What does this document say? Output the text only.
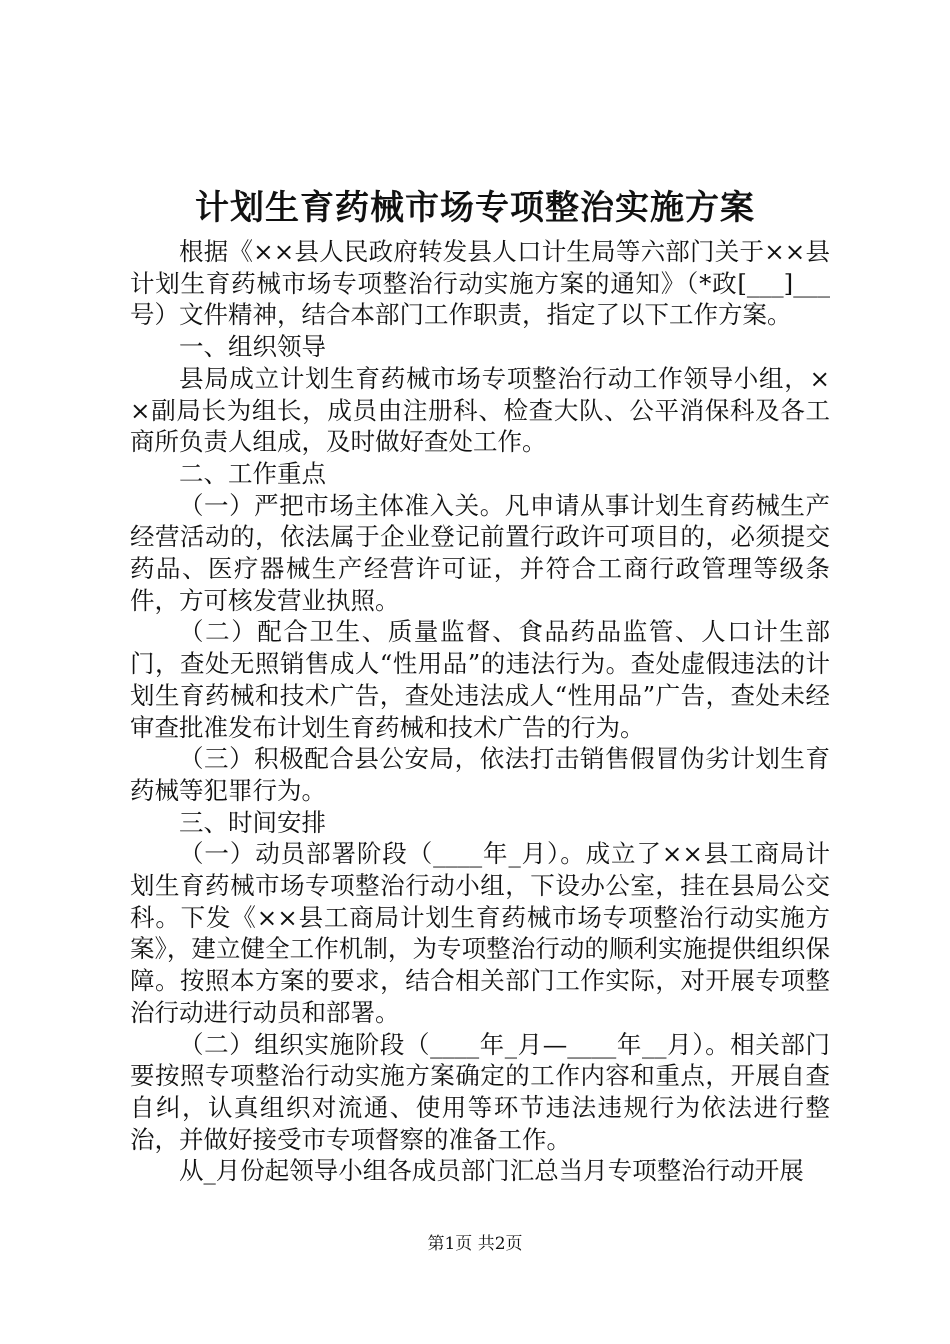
计划生育药械市场专项整治实施方案

根据《××县人民政府转发县人口计生局等六部门关于××县计划生育药械市场专项整治行动实施方案的通知》（*政[___]___号）文件精神，结合本部门工作职责，指定了以下工作方案。

一、组织领导

县局成立计划生育药械市场专项整治行动工作领导小组，××副局长为组长，成员由注册科、检查大队、公平消保科及各工商所负责人组成，及时做好查处工作。

二、工作重点

（一）严把市场主体准入关。凡申请从事计划生育药械生产经营活动的，依法属于企业登记前置行政许可项目的，必须提交药品、医疗器械生产经营许可证，并符合工商行政管理等级条件，方可核发营业执照。

（二）配合卫生、质量监督、食品药品监管、人口计生部门，查处无照销售成人“性用品”的违法行为。查处虚假违法的计划生育药械和技术广告，查处违法成人“性用品”广告，查处未经审查批准发布计划生育药械和技术广告的行为。

（三）积极配合县公安局，依法打击销售假冒伪劣计划生育药械等犯罪行为。

三、时间安排

（一）动员部署阶段（____年_月）。成立了××县工商局计划生育药械市场专项整治行动小组，下设办公室，挂在县局公交科。下发《××县工商局计划生育药械市场专项整治行动实施方案》，建立健全工作机制，为专项整治行动的顺利实施提供组织保障。按照本方案的要求，结合相关部门工作实际，对开展专项整治行动进行动员和部署。

（二）组织实施阶段（____年_月—____年__月）。相关部门要按照专项整治行动实施方案确定的工作内容和重点，开展自查自纠，认真组织对流通、使用等环节违法违规行为依法进行整治，并做好接受市专项督察的准备工作。

从_月份起领导小组各成员部门汇总当月专项整治行动开展

第1页 共2页
